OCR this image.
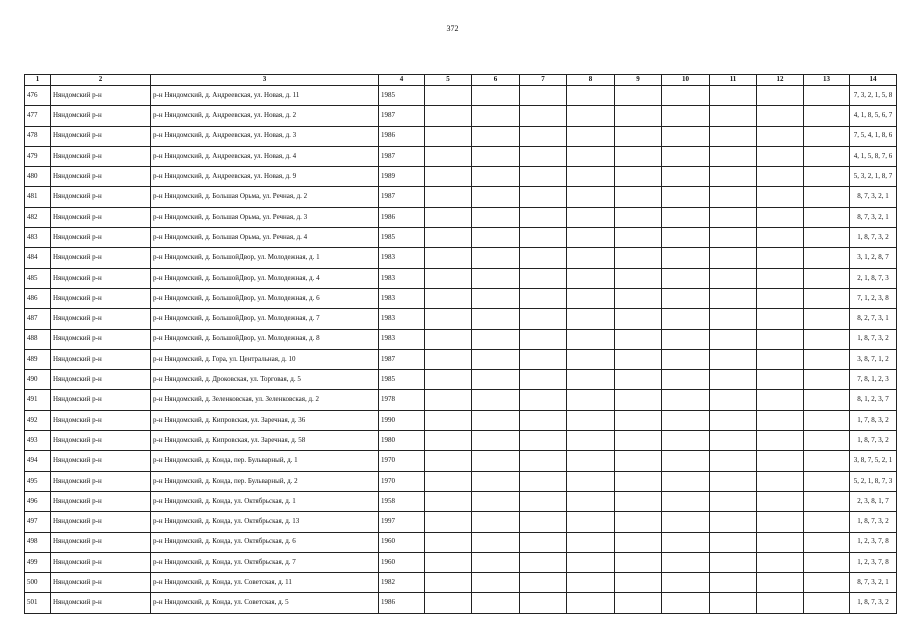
372
1	2	3	4	5	6	7	8	9	10	11	12	13	14
476	Няндомский р-н	р-н Няндомский, д. Андреевская, ул. Новая, д. 11	1985										7, 3, 2, 1, 5, 8
477	Няндомский р-н	р-н Няндомский, д. Андреевская, ул. Новая, д. 2	1987										4, 1, 8, 5, 6, 7
478	Няндомский р-н	р-н Няндомский, д. Андреевская, ул. Новая, д. 3	1986										7, 5, 4, 1, 8, 6
479	Няндомский р-н	р-н Няндомский, д. Андреевская, ул. Новая, д. 4	1987										4, 1, 5, 8, 7, 6
480	Няндомский р-н	р-н Няндомский, д. Андреевская, ул. Новая, д. 9	1989										5, 3, 2, 1, 8, 7
481	Няндомский р-н	р-н Няндомский, д. Большая Орьма, ул. Речная, д. 2	1987										8, 7, 3, 2, 1
482	Няндомский р-н	р-н Няндомский, д. Большая Орьма, ул. Речная, д. 3	1986										8, 7, 3, 2, 1
483	Няндомский р-н	р-н Няндомский, д. Большая Орьма, ул. Речная, д. 4	1985										1, 8, 7, 3, 2
484	Няндомский р-н	р-н Няндомский, д. БольшойДвор, ул. Молодежная, д. 1	1983										3, 1, 2, 8, 7
485	Няндомский р-н	р-н Няндомский, д. БольшойДвор, ул. Молодежная, д. 4	1983										2, 1, 8, 7, 3
486	Няндомский р-н	р-н Няндомский, д. БольшойДвор, ул. Молодежная, д. 6	1983										7, 1, 2, 3, 8
487	Няндомский р-н	р-н Няндомский, д. БольшойДвор, ул. Молодежная, д. 7	1983										8, 2, 7, 3, 1
488	Няндомский р-н	р-н Няндомский, д. БольшойДвор, ул. Молодежная, д. 8	1983										1, 8, 7, 3, 2
489	Няндомский р-н	р-н Няндомский, д. Гора, ул. Центральная, д. 10	1987										3, 8, 7, 1, 2
490	Няндомский р-н	р-н Няндомский, д. Дроковская, ул. Торговая, д. 5	1985										7, 8, 1, 2, 3
491	Няндомский р-н	р-н Няндомский, д. Зеленковская, ул. Зеленковская, д. 2	1978										8, 1, 2, 3, 7
492	Няндомский р-н	р-н Няндомский, д. Кипровская, ул. Заречная, д. 36	1990										1, 7, 8, 3, 2
493	Няндомский р-н	р-н Няндомский, д. Кипровская, ул. Заречная, д. 58	1980										1, 8, 7, 3, 2
494	Няндомский р-н	р-н Няндомский, д. Конда, пер. Бульварный, д. 1	1970										3, 8, 7, 5, 2, 1
495	Няндомский р-н	р-н Няндомский, д. Конда, пер. Бульварный, д. 2	1970										5, 2, 1, 8, 7, 3
496	Няндомский р-н	р-н Няндомский, д. Конда, ул. Октябрьская, д. 1	1958										2, 3, 8, 1, 7
497	Няндомский р-н	р-н Няндомский, д. Конда, ул. Октябрьская, д. 13	1997										1, 8, 7, 3, 2
498	Няндомский р-н	р-н Няндомский, д. Конда, ул. Октябрьская, д. 6	1960										1, 2, 3, 7, 8
499	Няндомский р-н	р-н Няндомский, д. Конда, ул. Октябрьская, д. 7	1960										1, 2, 3, 7, 8
500	Няндомский р-н	р-н Няндомский, д. Конда, ул. Советская, д. 11	1982										8, 7, 3, 2, 1
501	Няндомский р-н	р-н Няндомский, д. Конда, ул. Советская, д. 5	1986										1, 8, 7, 3, 2
